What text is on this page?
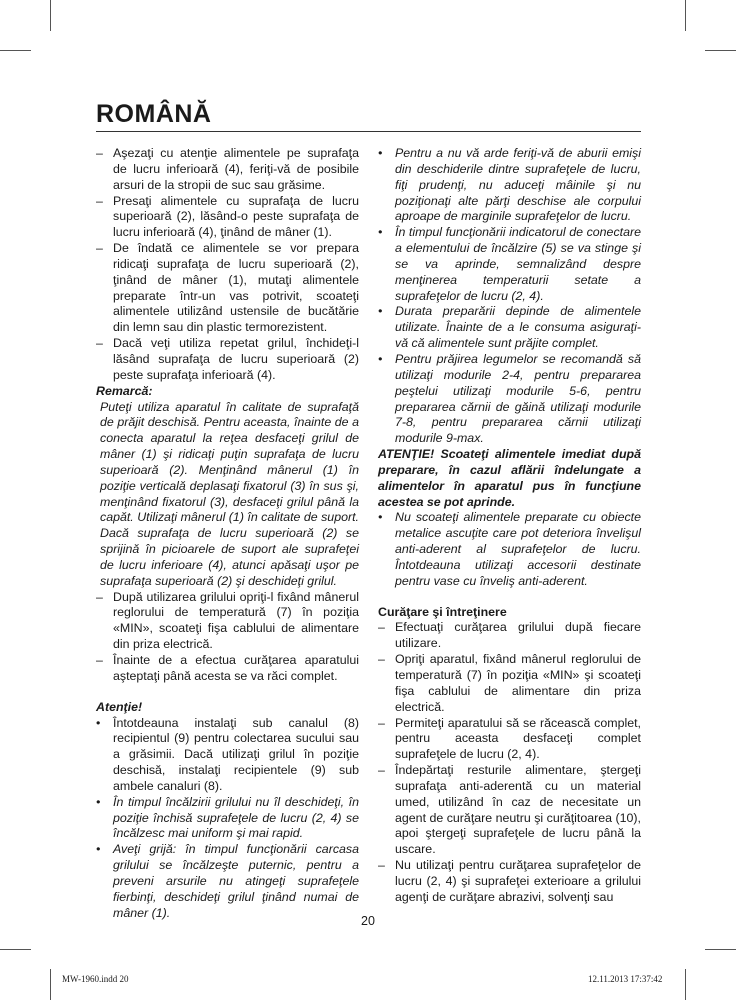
ROMÂNĂ
– Aşezaţi cu atenţie alimentele pe suprafaţa de lucru inferioară (4), feriţi-vă de posibile arsuri de la stropii de suc sau grăsime.
– Presaţi alimentele cu suprafaţa de lucru superioară (2), lăsând-o peste suprafaţa de lucru inferioară (4), ţinând de mâner (1).
– De îndată ce alimentele se vor prepara ridicaţi suprafaţa de lucru superioară (2), ţinând de mâner (1), mutaţi alimentele preparate într-un vas potrivit, scoateţi alimentele utilizând ustensile de bucătărie din lemn sau din plastic termorezistent.
– Dacă veţi utiliza repetat grilul, închideţi-l lăsând suprafaţa de lucru superioară (2) peste suprafaţa inferioară (4).
Remarcă:
Puteţi utiliza aparatul în calitate de suprafaţă de prăjit deschisă. Pentru aceasta, înainte de a conecta aparatul la reţea desfaceţi grilul de mâner (1) şi ridicaţi puţin suprafaţa de lucru superioară (2). Menţinând mânerul (1) în poziţie verticală deplasaţi fixatorul (3) în sus şi, menţinând fixatorul (3), desfaceţi grilul până la capăt. Utilizaţi mânerul (1) în calitate de suport. Dacă suprafaţa de lucru superioară (2) se sprijină în picioarele de suport ale suprafeţei de lucru inferioare (4), atunci apăsaţi uşor pe suprafaţa superioară (2) şi deschideţi grilul.
– După utilizarea grilului opriţi-l fixând mânerul reglorului de temperatură (7) în poziţia «MIN», scoateţi fişa cablului de alimentare din priza electrică.
– Înainte de a efectua curăţarea aparatului aşteptaţi până acesta se va răci complet.
Atenţie!
• Întotdeauna instalaţi sub canalul (8) recipientul (9) pentru colectarea sucului sau a grăsimii. Dacă utilizaţi grilul în poziţie deschisă, instalaţi recipientele (9) sub ambele canaluri (8).
• În timpul încălzirii grilului nu îl deschideţi, în poziţie închisă suprafeţele de lucru (2, 4) se încălzesc mai uniform şi mai rapid.
• Aveţi grijă: în timpul funcţionării carcasa grilului se încălzeşte puternic, pentru a preveni arsurile nu atingeţi suprafeţele fierbinţi, deschideţi grilul ţinând numai de mâner (1).
• Pentru a nu vă arde feriţi-vă de aburii emişi din deschiderile dintre suprafeţele de lucru, fiţi prudenţi, nu aduceţi mâinile şi nu poziţionaţi alte părţi deschise ale corpului aproape de marginile suprafeţelor de lucru.
• În timpul funcţionării indicatorul de conectare a elementului de încălzire (5) se va stinge şi se va aprinde, semnalizând despre menţinerea temperaturii setate a suprafeţelor de lucru (2, 4).
• Durata preparării depinde de alimentele utilizate. Înainte de a le consuma asiguraţi-vă că alimentele sunt prăjite complet.
• Pentru prăjirea legumelor se recomandă să utilizaţi modurile 2-4, pentru prepararea peştelui utilizaţi modurile 5-6, pentru prepararea cărnii de găină utilizaţi modurile 7-8, pentru prepararea cărnii utilizaţi modurile 9-max.
ATENŢIE! Scoateţi alimentele imediat după preparare, în cazul aflării îndelungate a alimentelor în aparatul pus în funcţiune acestea se pot aprinde.
• Nu scoateţi alimentele preparate cu obiecte metalice ascuţite care pot deteriora învelişul anti-aderent al suprafeţelor de lucru. Întotdeauna utilizaţi accesorii destinate pentru vase cu înveliş anti-aderent.
Curăţare şi întreţinere
– Efectuaţi curăţarea grilului după fiecare utilizare.
– Opriţi aparatul, fixând mânerul reglorului de temperatură (7) în poziţia «MIN» şi scoateţi fişa cablului de alimentare din priza electrică.
– Permiteţi aparatului să se răcească complet, pentru aceasta desfaceţi complet suprafeţele de lucru (2, 4).
– Îndepărtaţi resturile alimentare, ştergeţi suprafaţa anti-aderentă cu un material umed, utilizând în caz de necesitate un agent de curăţare neutru şi curăţitoarea (10), apoi ştergeţi suprafeţele de lucru până la uscare.
– Nu utilizaţi pentru curăţarea suprafeţelor de lucru (2, 4) şi suprafeţei exterioare a grilului agenţi de curăţare abrazivi, solvenţi sau
20
MW-1960.indd 20	12.11.2013 17:37:42
